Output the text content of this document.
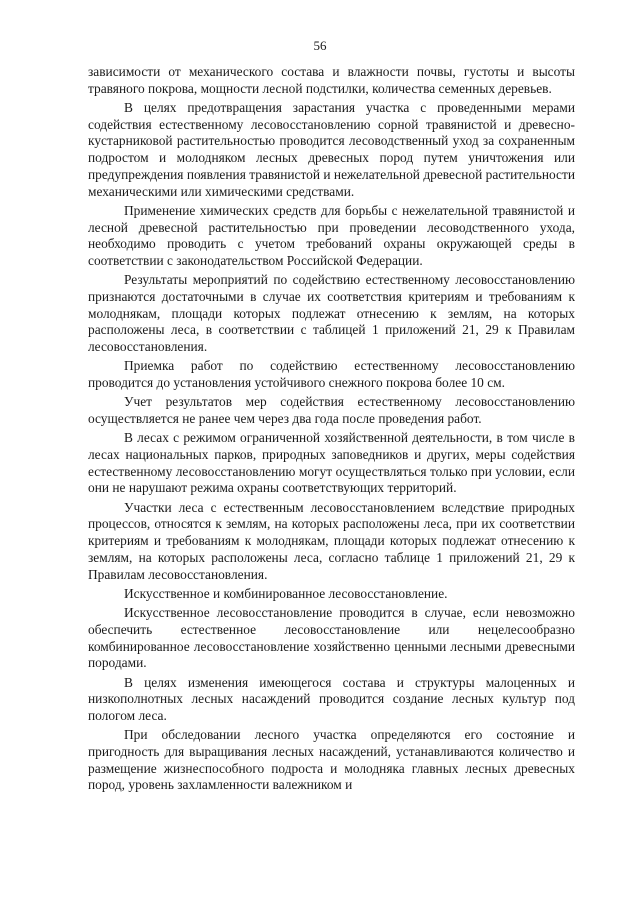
56

зависимости от механического состава и влажности почвы, густоты и высоты травяного покрова, мощности лесной подстилки, количества семенных деревьев.

В целях предотвращения зарастания участка с проведенными мерами содействия естественному лесовосстановлению сорной травянистой и древесно-кустарниковой растительностью проводится лесоводственный уход за сохраненным подростом и молодняком лесных древесных пород путем уничтожения или предупреждения появления травянистой и нежелательной древесной растительности механическими или химическими средствами.

Применение химических средств для борьбы с нежелательной травянистой и лесной древесной растительностью при проведении лесоводственного ухода, необходимо проводить с учетом требований охраны окружающей среды в соответствии с законодательством Российской Федерации.

Результаты мероприятий по содействию естественному лесовосстановлению признаются достаточными в случае их соответствия критериям и требованиям к молоднякам, площади которых подлежат отнесению к землям, на которых расположены леса, в соответствии с таблицей 1 приложений 21, 29 к Правилам лесовосстановления.

Приемка работ по содействию естественному лесовосстановлению проводится до установления устойчивого снежного покрова более 10 см.

Учет результатов мер содействия естественному лесовосстановлению осуществляется не ранее чем через два года после проведения работ.

В лесах с режимом ограниченной хозяйственной деятельности, в том числе в лесах национальных парков, природных заповедников и других, меры содействия естественному лесовосстановлению могут осуществляться только при условии, если они не нарушают режима охраны соответствующих территорий.

Участки леса с естественным лесовосстановлением вследствие природных процессов, относятся к землям, на которых расположены леса, при их соответствии критериям и требованиям к молоднякам, площади которых подлежат отнесению к землям, на которых расположены леса, согласно таблице 1 приложений 21, 29 к Правилам лесовосстановления.

Искусственное и комбинированное лесовосстановление.

Искусственное лесовосстановление проводится в случае, если невозможно обеспечить естественное лесовосстановление или нецелесообразно комбинированное лесовосстановление хозяйственно ценными лесными древесными породами.

В целях изменения имеющегося состава и структуры малоценных и низкополнотных лесных насаждений проводится создание лесных культур под пологом леса.

При обследовании лесного участка определяются его состояние и пригодность для выращивания лесных насаждений, устанавливаются количество и размещение жизнеспособного подроста и молодняка главных лесных древесных пород, уровень захламленности валежником и
